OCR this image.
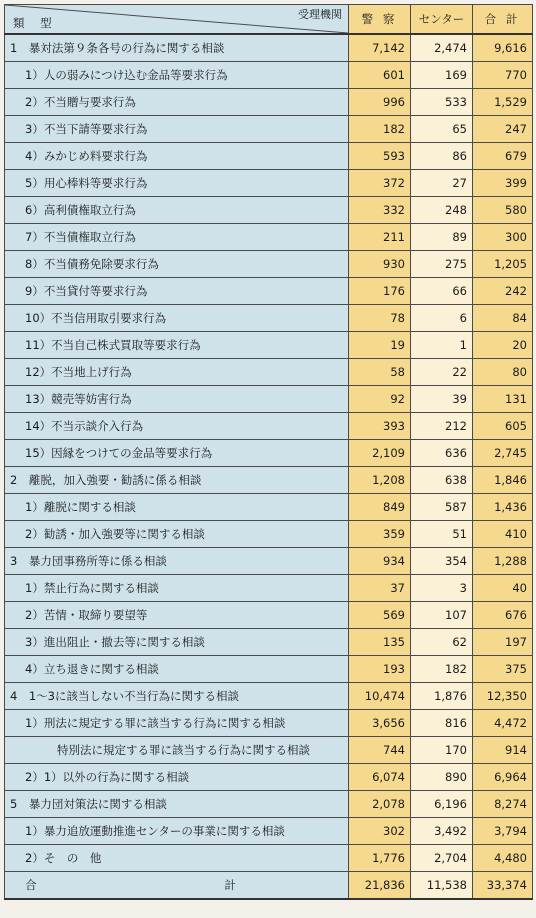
受理機関
類 型	警 察	センター	合 計
1　暴対法第９条各号の行為に関する相談	7,142	2,474	9,616
1）人の弱みにつけ込む金品等要求行為	601	169	770
2）不当贈与要求行為	996	533	1,529
3）不当下請等要求行為	182	65	247
4）みかじめ料要求行為	593	86	679
5）用心棒料等要求行為	372	27	399
6）高利債権取立行為	332	248	580
7）不当債権取立行為	211	89	300
8）不当債務免除要求行為	930	275	1,205
9）不当貸付等要求行為	176	66	242
10）不当信用取引要求行為	78	6	84
11）不当自己株式買取等要求行為	19	1	20
12）不当地上げ行為	58	22	80
13）競売等妨害行為	92	39	131
14）不当示談介入行為	393	212	605
15）因縁をつけての金品等要求行為	2,109	636	2,745
2　離脱，加入強要・勧誘に係る相談	1,208	638	1,846
1）離脱に関する相談	849	587	1,436
2）勧誘・加入強要等に関する相談	359	51	410
3　暴力団事務所等に係る相談	934	354	1,288
1）禁止行為に関する相談	37	3	40
2）苦情・取締り要望等	569	107	676
3）進出阻止・撤去等に関する相談	135	62	197
4）立ち退きに関する相談	193	182	375
4　1～3に該当しない不当行為に関する相談	10,474	1,876	12,350
1）刑法に規定する罪に該当する行為に関する相談	3,656	816	4,472
特別法に規定する罪に該当する行為に関する相談	744	170	914
2）1）以外の行為に関する相談	6,074	890	6,964
5　暴力団対策法に関する相談	2,078	6,196	8,274
1）暴力追放運動推進センターの事業に関する相談	302	3,492	3,794
2）そ　の　他	1,776	2,704	4,480
合 計	21,836	11,538	33,374
